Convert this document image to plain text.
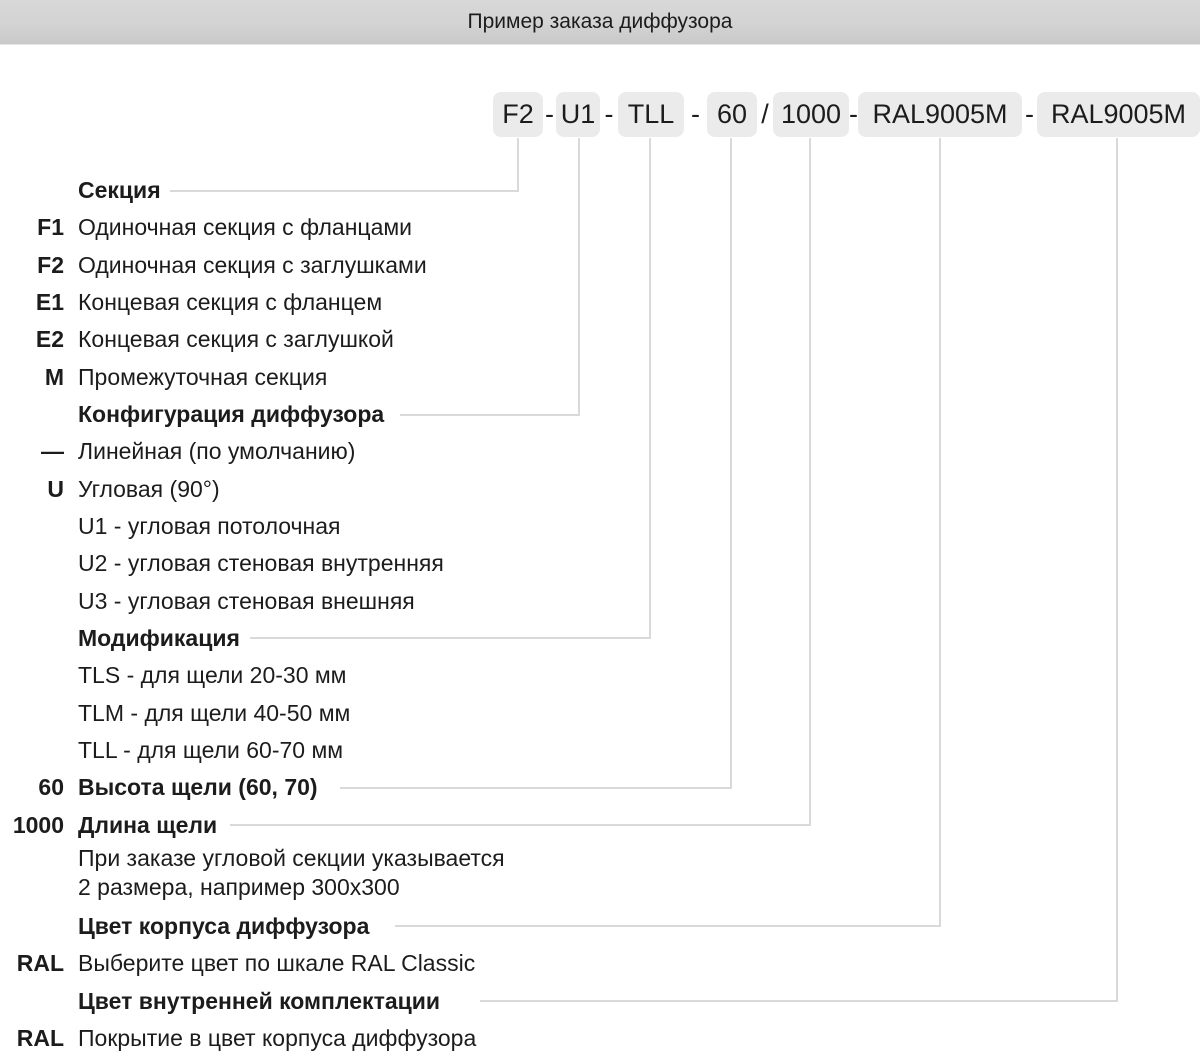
Пример заказа диффузора
F2 - U1 - TLL - 60 / 1000 - RAL9005M - RAL9005M
Секция
F1 Одиночная секция с фланцами
F2 Одиночная секция с заглушками
E1 Концевая секция с фланцем
E2 Концевая секция с заглушкой
M Промежуточная секция
Конфигурация диффузора
— Линейная (по умолчанию)
U Угловая (90°)
U1 - угловая потолочная
U2 - угловая стеновая внутренняя
U3 - угловая стеновая внешняя
Модификация
TLS - для щели 20-30 мм
TLM - для щели 40-50 мм
TLL - для щели 60-70 мм
60 Высота щели (60, 70)
1000 Длина щели
При заказе угловой секции указывается
2 размера, например 300x300
Цвет корпуса диффузора
RAL Выберите цвет по шкале RAL Classic
Цвет внутренней комплектации
RAL Покрытие в цвет корпуса диффузора
